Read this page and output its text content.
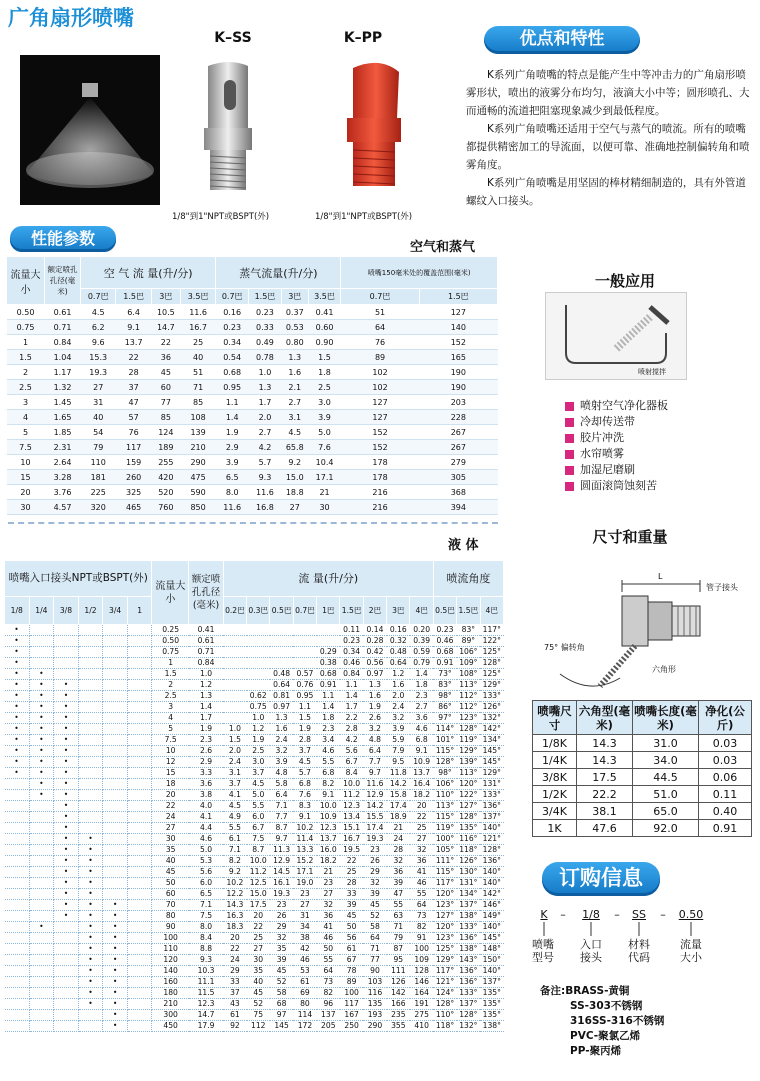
广角扇形喷嘴
K–SS	K–PP
1/8"到1"NPT或BSPT(外)	1/8"到1"NPT或BSPT(外)
优点和特性

K系列广角喷嘴的特点是能产生中等冲击力的广角扇形喷雾形状，喷出的液雾分布均匀，液滴大小中等；圆形喷孔、大而通畅的流道把阻塞现象减少到最低程度。

K系列广角喷嘴还适用于空气与蒸气的喷流。所有的喷嘴都提供精密加工的导流面，以便可靠、准确地控制偏转角和喷雾角度。

K系列广角喷嘴是用坚固的棒材精细制造的，具有外管道螺纹入口接头。

性能参数	空气和蒸气
流量大小	额定喷孔孔径(毫米)	空 气 流 量(升/分)				蒸气流量(升/分)				喷嘴150毫米处的覆盖范围(毫米)	
		0.7巴	1.5巴	3巴	3.5巴	0.7巴	1.5巴	3巴	3.5巴	0.7巴	1.5巴
0.50	0.61	4.5	6.4	10.5	11.6	0.16	0.23	0.37	0.41	51	127
0.75	0.71	6.2	9.1	14.7	16.7	0.23	0.33	0.53	0.60	64	140
1	0.84	9.6	13.7	22	25	0.34	0.49	0.80	0.90	76	152
1.5	1.04	15.3	22	36	40	0.54	0.78	1.3	1.5	89	165
2	1.17	19.3	28	45	51	0.68	1.0	1.6	1.8	102	190
2.5	1.32	27	37	60	71	0.95	1.3	2.1	2.5	102	190
3	1.45	31	47	77	85	1.1	1.7	2.7	3.0	127	203
4	1.65	40	57	85	108	1.4	2.0	3.1	3.9	127	228
5	1.85	54	76	124	139	1.9	2.7	4.5	5.0	152	267
7.5	2.31	79	117	189	210	2.9	4.2	65.8	7.6	152	267
10	2.64	110	159	255	290	3.9	5.7	9.2	10.4	178	279
15	3.28	181	260	420	475	6.5	9.3	15.0	17.1	178	305
20	3.76	225	325	520	590	8.0	11.6	18.8	21	216	368
30	4.57	320	465	760	850	11.6	16.8	27	30	216	394
液 体
喷嘴入口接头NPT或BSPT(外)						流量大小	额定喷孔孔径(毫米)	流 量(升/分)									喷流角度		
1/8	1/4	3/8	1/2	3/4	1			0.2巴	0.3巴	0.5巴	0.7巴	1巴	1.5巴	2巴	3巴	4巴	0.5巴	1.5巴	4巴
•						0.25	0.41						0.11	0.14	0.16	0.20	0.23	83°	117°
•						0.50	0.61						0.23	0.28	0.32	0.39	0.46	89°	122°
•						0.75	0.71					0.29	0.34	0.42	0.48	0.59	0.68	106°	125°
•						1	0.84					0.38	0.46	0.56	0.64	0.79	0.91	109°	128°
•	•					1.5	1.0			0.48	0.57	0.68	0.84	0.97	1.2	1.4	73°	108°	125°
•	•	•				2	1.2			0.64	0.76	0.91	1.1	1.3	1.6	1.8	83°	113°	129°
•	•	•				2.5	1.3		0.62	0.81	0.95	1.1	1.4	1.6	2.0	2.3	98°	112°	133°
•	•	•				3	1.4		0.75	0.97	1.1	1.4	1.7	1.9	2.4	2.7	86°	112°	126°
•	•	•				4	1.7		1.0	1.3	1.5	1.8	2.2	2.6	3.2	3.6	97°	123°	132°
•	•	•				5	1.9	1.0	1.2	1.6	1.9	2.3	2.8	3.2	3.9	4.6	114°	128°	142°
•	•	•				7.5	2.3	1.5	1.9	2.4	2.8	3.4	4.2	4.8	5.9	6.8	101°	119°	134°
•	•	•				10	2.6	2.0	2.5	3.2	3.7	4.6	5.6	6.4	7.9	9.1	115°	129°	145°
•	•	•				12	2.9	2.4	3.0	3.9	4.5	5.5	6.7	7.7	9.5	10.9	128°	139°	145°
•	•	•				15	3.3	3.1	3.7	4.8	5.7	6.8	8.4	9.7	11.8	13.7	98°	113°	129°
	•	•				18	3.6	3.7	4.5	5.8	6.8	8.2	10.0	11.6	14.2	16.4	106°	120°	131°
	•	•				20	3.8	4.1	5.0	6.4	7.6	9.1	11.2	12.9	15.8	18.2	110°	122°	133°
		•				22	4.0	4.5	5.5	7.1	8.3	10.0	12.3	14.2	17.4	20	113°	127°	136°
		•				24	4.1	4.9	6.0	7.7	9.1	10.9	13.4	15.5	18.9	22	115°	128°	137°
		•				27	4.4	5.5	6.7	8.7	10.2	12.3	15.1	17.4	21	25	119°	135°	140°
		•	•			30	4.6	6.1	7.5	9.7	11.4	13.7	16.7	19.3	24	27	100°	116°	121°
		•	•			35	5.0	7.1	8.7	11.3	13.3	16.0	19.5	23	28	32	105°	118°	128°
		•	•			40	5.3	8.2	10.0	12.9	15.2	18.2	22	26	32	36	111°	126°	136°
		•	•			45	5.6	9.2	11.2	14.5	17.1	21	25	29	36	41	115°	130°	140°
		•	•			50	6.0	10.2	12.5	16.1	19.0	23	28	32	39	46	117°	131°	140°
		•	•			60	6.5	12.2	15.0	19.3	23	27	33	39	47	55	120°	134°	142°
		•	•	•		70	7.1	14.3	17.5	23	27	32	39	45	55	64	123°	137°	146°
		•	•	•		80	7.5	16.3	20	26	31	36	45	52	63	73	127°	138°	149°
	•		•	•		90	8.0	18.3	22	29	34	41	50	58	71	82	120°	133°	140°
			•	•		100	8.4	20	25	32	38	46	56	64	79	91	123°	136°	145°
			•	•		110	8.8	22	27	35	42	50	61	71	87	100	125°	138°	148°
			•	•		120	9.3	24	30	39	46	55	67	77	95	109	129°	143°	150°
			•	•		140	10.3	29	35	45	53	64	78	90	111	128	117°	136°	140°
			•	•		160	11.1	33	40	52	61	73	89	103	126	146	121°	136°	137°
			•	•		180	11.5	37	45	58	69	82	100	116	142	164	124°	133°	135°
			•	•		210	12.3	43	52	68	80	96	117	135	166	191	128°	137°	135°
				•		300	14.7	61	75	97	114	137	167	193	235	275	110°	128°	135°
				•		450	17.9	92	112	145	172	205	250	290	355	410	118°	132°	138°
一般应用
喷射搅拌
喷射空气净化器板
冷却传送带
胶片冲洗
水帘喷雾
加湿尼磨刷
圆面滚筒蚀刻苦
尺寸和重量
L
管子接头
75° 偏转角
六角形
喷嘴尺寸	六角型(毫米)	喷嘴长度(毫米)	净化(公斤)
1/8K	14.3	31.0	0.03
1/4K	14.3	34.0	0.03
3/8K	17.5	44.5	0.06
1/2K	22.2	51.0	0.11
3/4K	38.1	65.0	0.40
1K	47.6	92.0	0.91
订购信息
K	–	1/8	–	SS	–	0.50
喷嘴型号
入口接头
材料代码
流量大小
备注:BRASS-黄铜
SS-303不锈钢
316SS-316不锈钢
PVC-聚氯乙烯
PP-聚丙烯
